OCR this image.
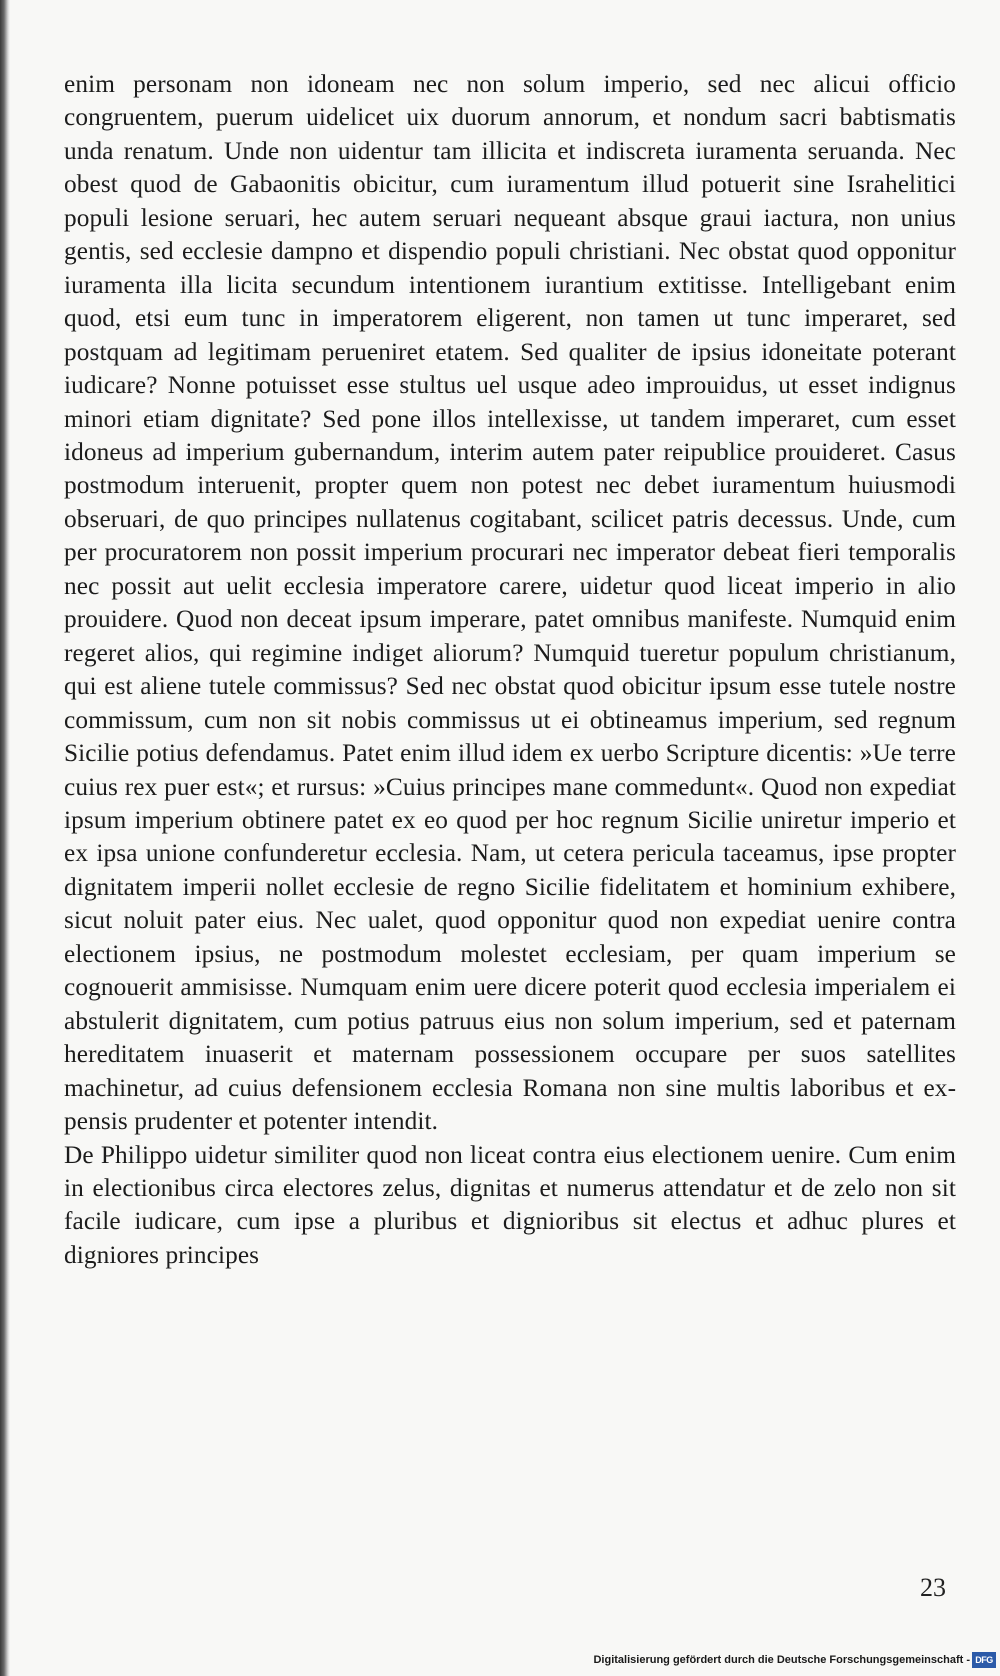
enim personam non idoneam nec non solum imperio, sed nec alicui officio congruentem, puerum uidelicet uix duorum annorum, et nondum sacri babtismatis unda renatum. Unde non uidentur tam illicita et indiscreta iuramenta seruanda. Nec obest quod de Gabaonitis obicitur, cum iuramentum illud potuerit sine Israhelitici populi lesione seruari, hec autem seruari nequeant absque graui iactura, non unius gentis, sed ecclesie dampno et dispendio populi christiani. Nec obstat quod opponitur iuramenta illa licita secundum intentionem iurantium extitisse. Intelligebant enim quod, etsi eum tunc in imperatorem eligerent, non tamen ut tunc imperaret, sed postquam ad legitimam perueniret etatem. Sed qualiter de ipsius idoneitate poterant iudicare? Nonne potuisset esse stultus uel usque adeo improuidus, ut esset indignus minori etiam dignitate? Sed pone illos intellexisse, ut tandem imperaret, cum esset idoneus ad imperium gubernandum, interim autem pater reipublice prouideret. Casus postmodum interuenit, propter quem non potest nec debet iuramentum huiusmodi obseruari, de quo principes nullatenus cogitabant, scilicet patris decessus. Unde, cum per procuratorem non possit imperium procurari nec imperator debeat fieri temporalis nec possit aut uelit ecclesia imperatore carere, uidetur quod liceat imperio in alio prouidere. Quod non deceat ipsum imperare, patet omnibus manifeste. Numquid enim regeret alios, qui regimine indiget aliorum? Numquid tueretur populum christianum, qui est aliene tutele commissus? Sed nec obstat quod obicitur ipsum esse tutele nostre commissum, cum non sit nobis commissus ut ei obtineamus imperium, sed regnum Sicilie potius defendamus. Patet enim illud idem ex uerbo Scripture dicentis: »Ue terre cuius rex puer est«; et rursus: »Cuius principes mane commedunt«. Quod non expediat ipsum imperium obtinere patet ex eo quod per hoc regnum Sicilie uniretur imperio et ex ipsa unione confunderetur ecclesia. Nam, ut cetera pericula taceamus, ipse propter dignitatem imperii nollet ecclesie de regno Sicilie fidelitatem et hominium exhibere, sicut noluit pater eius. Nec ualet, quod opponitur quod non expediat uenire contra electionem ipsius, ne postmodum molestet ecclesiam, per quam imperium se cognouerit ammisisse. Numquam enim uere dicere poterit quod ecclesia imperialem ei abstulerit dignitatem, cum potius patruus eius non solum imperium, sed et paternam hereditatem inuaserit et maternam possessionem occupare per suos satellites machinetur, ad cuius defensionem ecclesia Romana non sine multis laboribus et expensis prudenter et potenter intendit.

De Philippo uidetur similiter quod non liceat contra eius electionem uenire. Cum enim in electionibus circa electores zelus, dignitas et numerus attendatur et de zelo non sit facile iudicare, cum ipse a pluribus et dignioribus sit electus et adhuc plures et digniores principes

23
Digitalisierung gefördert durch die Deutsche Forschungsgemeinschaft - DFG
